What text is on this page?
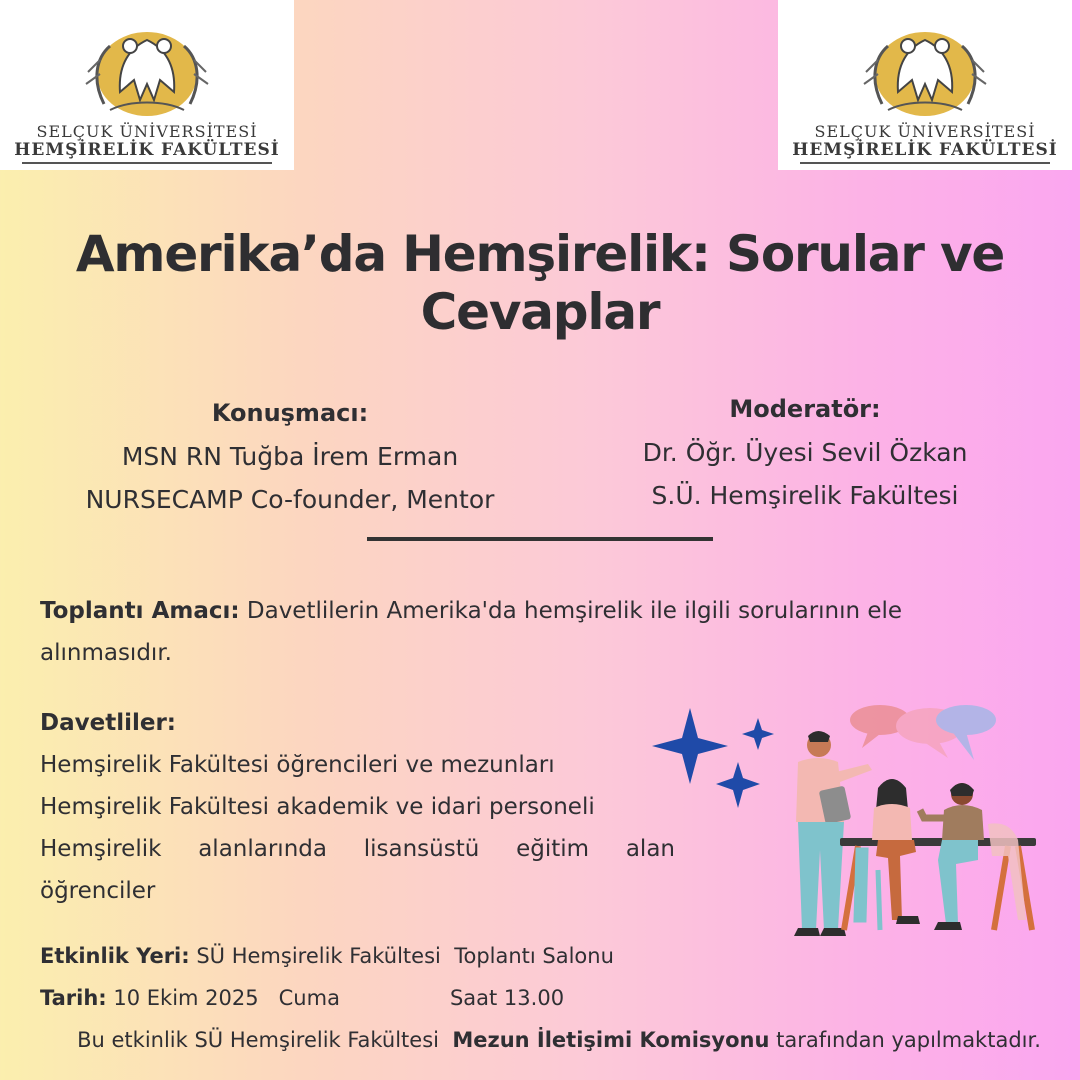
SELÇUK ÜNİVERSİTESİ
HEMŞİRELİK FAKÜLTESİ
SELÇUK ÜNİVERSİTESİ
HEMŞİRELİK FAKÜLTESİ
Amerika’da Hemşirelik: Sorular ve
Cevaplar
Konuşmacı:
MSN RN Tuğba İrem Erman
NURSECAMP Co-founder, Mentor
Moderatör:
Dr. Öğr. Üyesi Sevil Özkan
S.Ü. Hemşirelik Fakültesi
Toplantı Amacı: Davetlilerin Amerika'da hemşirelik ile ilgili sorularının ele alınmasıdır.
Davetliler:
Hemşirelik Fakültesi öğrencileri ve mezunları
Hemşirelik Fakültesi akademik ve idari personeli
Hemşirelik alanlarında lisansüstü eğitim alan öğrenciler
Etkinlik Yeri: SÜ Hemşirelik Fakültesi  Toplantı Salonu
Tarih: 10 Ekim 2025   Cuma	Saat 13.00
Bu etkinlik SÜ Hemşirelik Fakültesi  Mezun İletişimi Komisyonu tarafından yapılmaktadır.
